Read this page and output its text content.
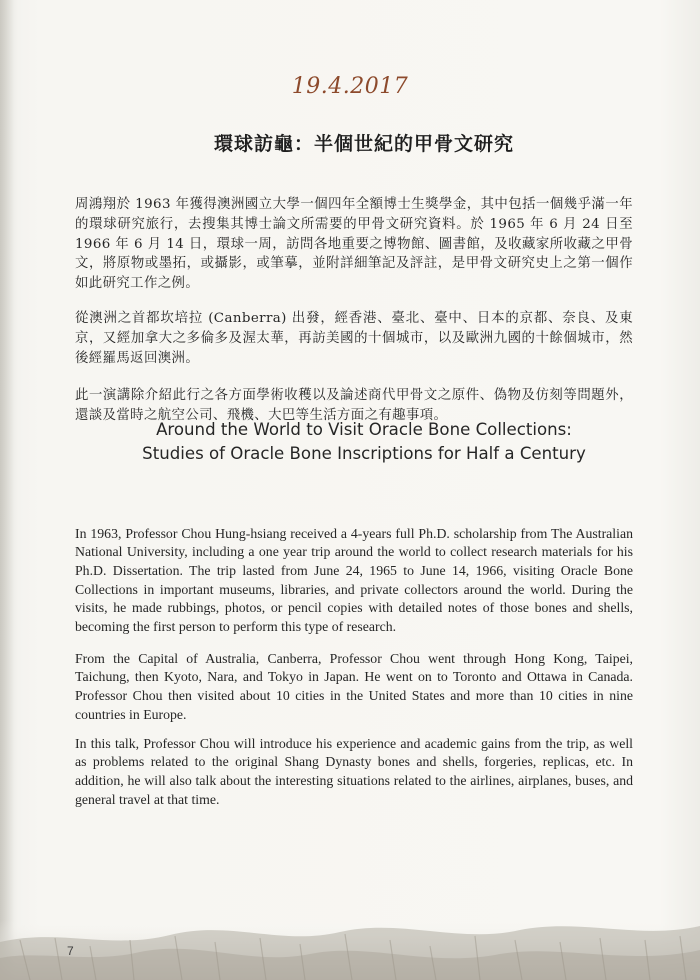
19.4.2017
環球訪龜：半個世紀的甲骨文研究

周鴻翔於 1963 年獲得澳洲國立大學一個四年全額博士生獎學金，其中包括一個幾乎滿一年的環球研究旅行，去搜集其博士論文所需要的甲骨文研究資料。於 1965 年 6 月 24 日至 1966 年 6 月 14 日，環球一周，訪問各地重要之博物館、圖書館，及收藏家所收藏之甲骨文，將原物或墨拓，或攝影，或筆摹，並附詳細筆記及評註，是甲骨文研究史上之第一個作如此研究工作之例。

從澳洲之首都坎培拉 (Canberra) 出發，經香港、臺北、臺中、日本的京都、奈良、及東京，又經加拿大之多倫多及渥太華，再訪美國的十個城市，以及歐洲九國的十餘個城市，然後經羅馬返回澳洲。

此一演講除介紹此行之各方面學術收穫以及論述商代甲骨文之原件、偽物及仿刻等問題外，還談及當時之航空公司、飛機、大巴等生活方面之有趣事項。

Around the World to Visit Oracle Bone Collections:
Studies of Oracle Bone Inscriptions for Half a Century

In 1963, Professor Chou Hung-hsiang received a 4-years full Ph.D. scholarship from The Australian National University, including a one year trip around the world to collect research materials for his Ph.D. Dissertation. The trip lasted from June 24, 1965 to June 14, 1966, visiting Oracle Bone Collections in important museums, libraries, and private collectors around the world. During the visits, he made rubbings, photos, or pencil copies with detailed notes of those bones and shells, becoming the first person to perform this type of research.

From the Capital of Australia, Canberra, Professor Chou went through Hong Kong, Taipei, Taichung, then Kyoto, Nara, and Tokyo in Japan. He went on to Toronto and Ottawa in Canada. Professor Chou then visited about 10 cities in the United States and more than 10 cities in nine countries in Europe.

In this talk, Professor Chou will introduce his experience and academic gains from the trip, as well as problems related to the original Shang Dynasty bones and shells, forgeries, replicas, etc. In addition, he will also talk about the interesting situations related to the airlines, airplanes, buses, and general travel at that time.

7
